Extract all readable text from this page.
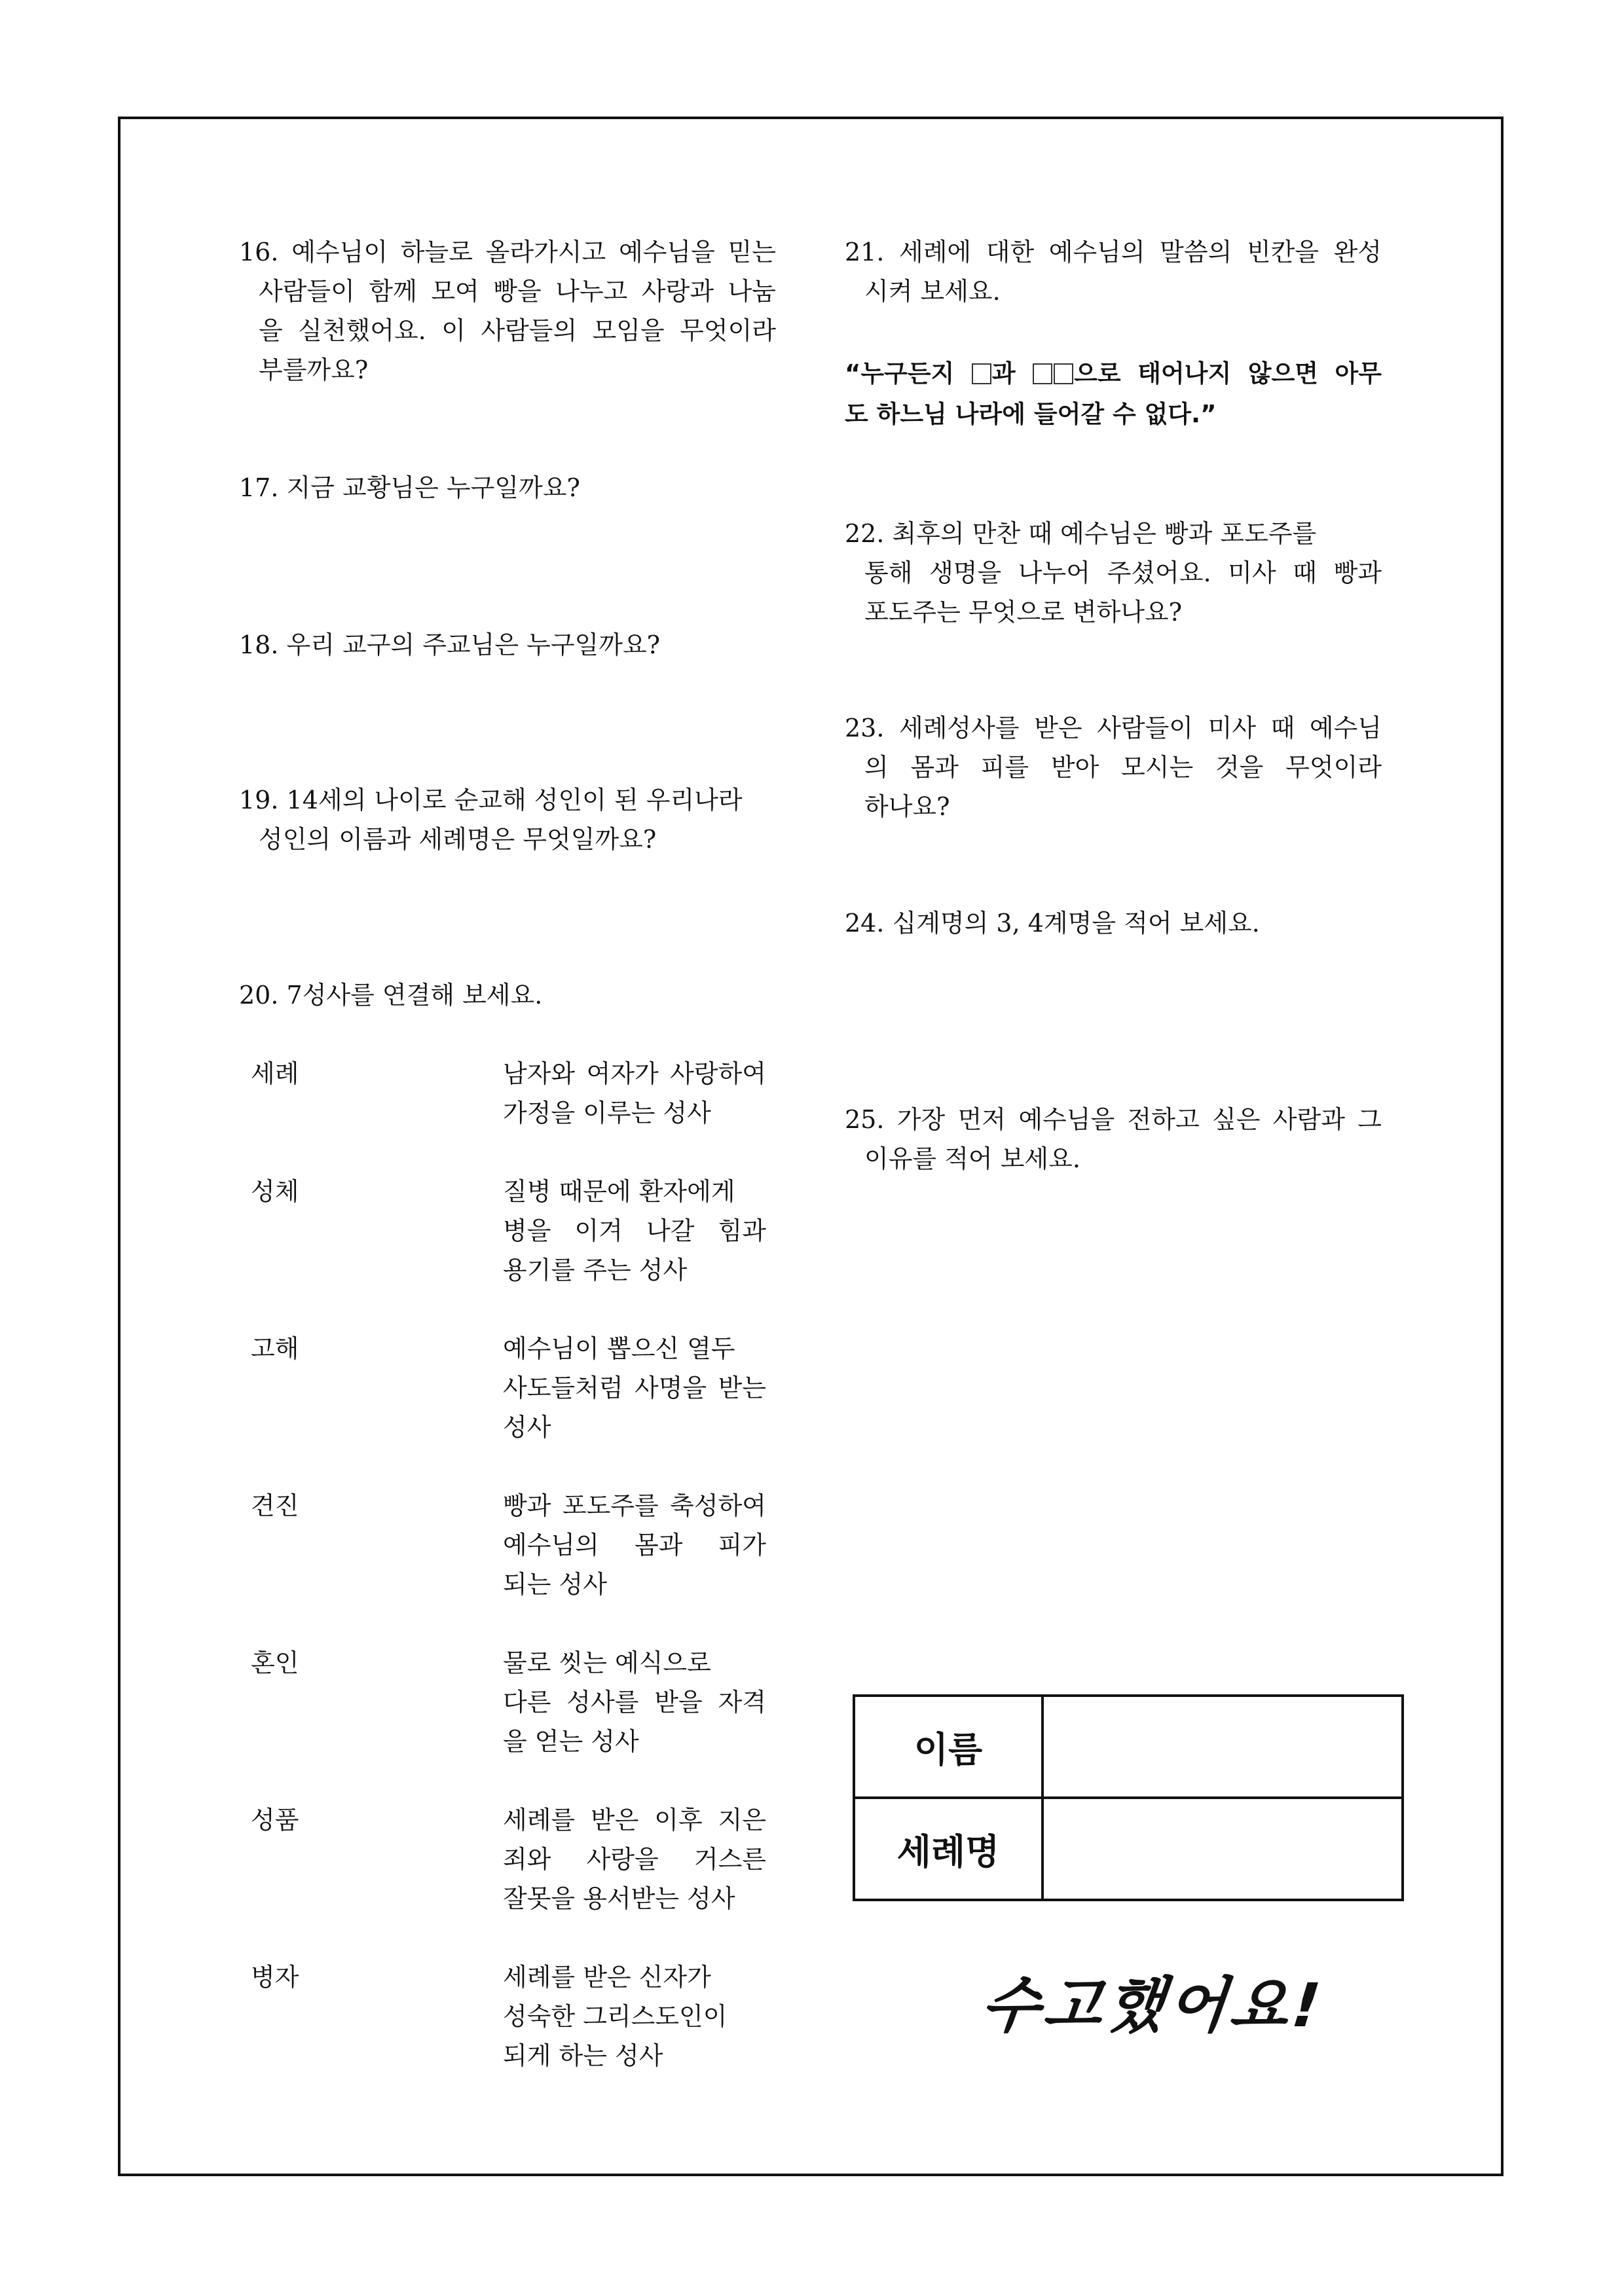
16. 예수님이 하늘로 올라가시고 예수님을 믿는
사람들이 함께 모여 빵을 나누고 사랑과 나눔
을 실천했어요. 이 사람들의 모임을 무엇이라
부를까요?
17. 지금 교황님은 누구일까요?
18. 우리 교구의 주교님은 누구일까요?
19. 14세의 나이로 순교해 성인이 된 우리나라
성인의 이름과 세례명은 무엇일까요?
20. 7성사를 연결해 보세요.
세례	남자와 여자가 사랑하여
가정을 이루는 성사
성체	질병 때문에 환자에게
병을 이겨 나갈 힘과
용기를 주는 성사
고해	예수님이 뽑으신 열두
사도들처럼 사명을 받는
성사
견진	빵과 포도주를 축성하여
예수님의 몸과 피가
되는 성사
혼인	물로 씻는 예식으로
다른 성사를 받을 자격
을 얻는 성사
성품	세례를 받은 이후 지은
죄와 사랑을 거스른
잘못을 용서받는 성사
병자	세례를 받은 신자가
성숙한 그리스도인이
되게 하는 성사
21. 세례에 대한 예수님의 말씀의 빈칸을 완성
시켜 보세요.
“누구든지 과 으로 태어나지 않으면 아무
도 하느님 나라에 들어갈 수 없다.”
22. 최후의 만찬 때 예수님은 빵과 포도주를
통해 생명을 나누어 주셨어요. 미사 때 빵과
포도주는 무엇으로 변하나요?
23. 세례성사를 받은 사람들이 미사 때 예수님
의 몸과 피를 받아 모시는 것을 무엇이라
하나요?
24. 십계명의 3, 4계명을 적어 보세요.
25. 가장 먼저 예수님을 전하고 싶은 사람과 그
이유를 적어 보세요.
이름	
세례명	
수고했어요!
